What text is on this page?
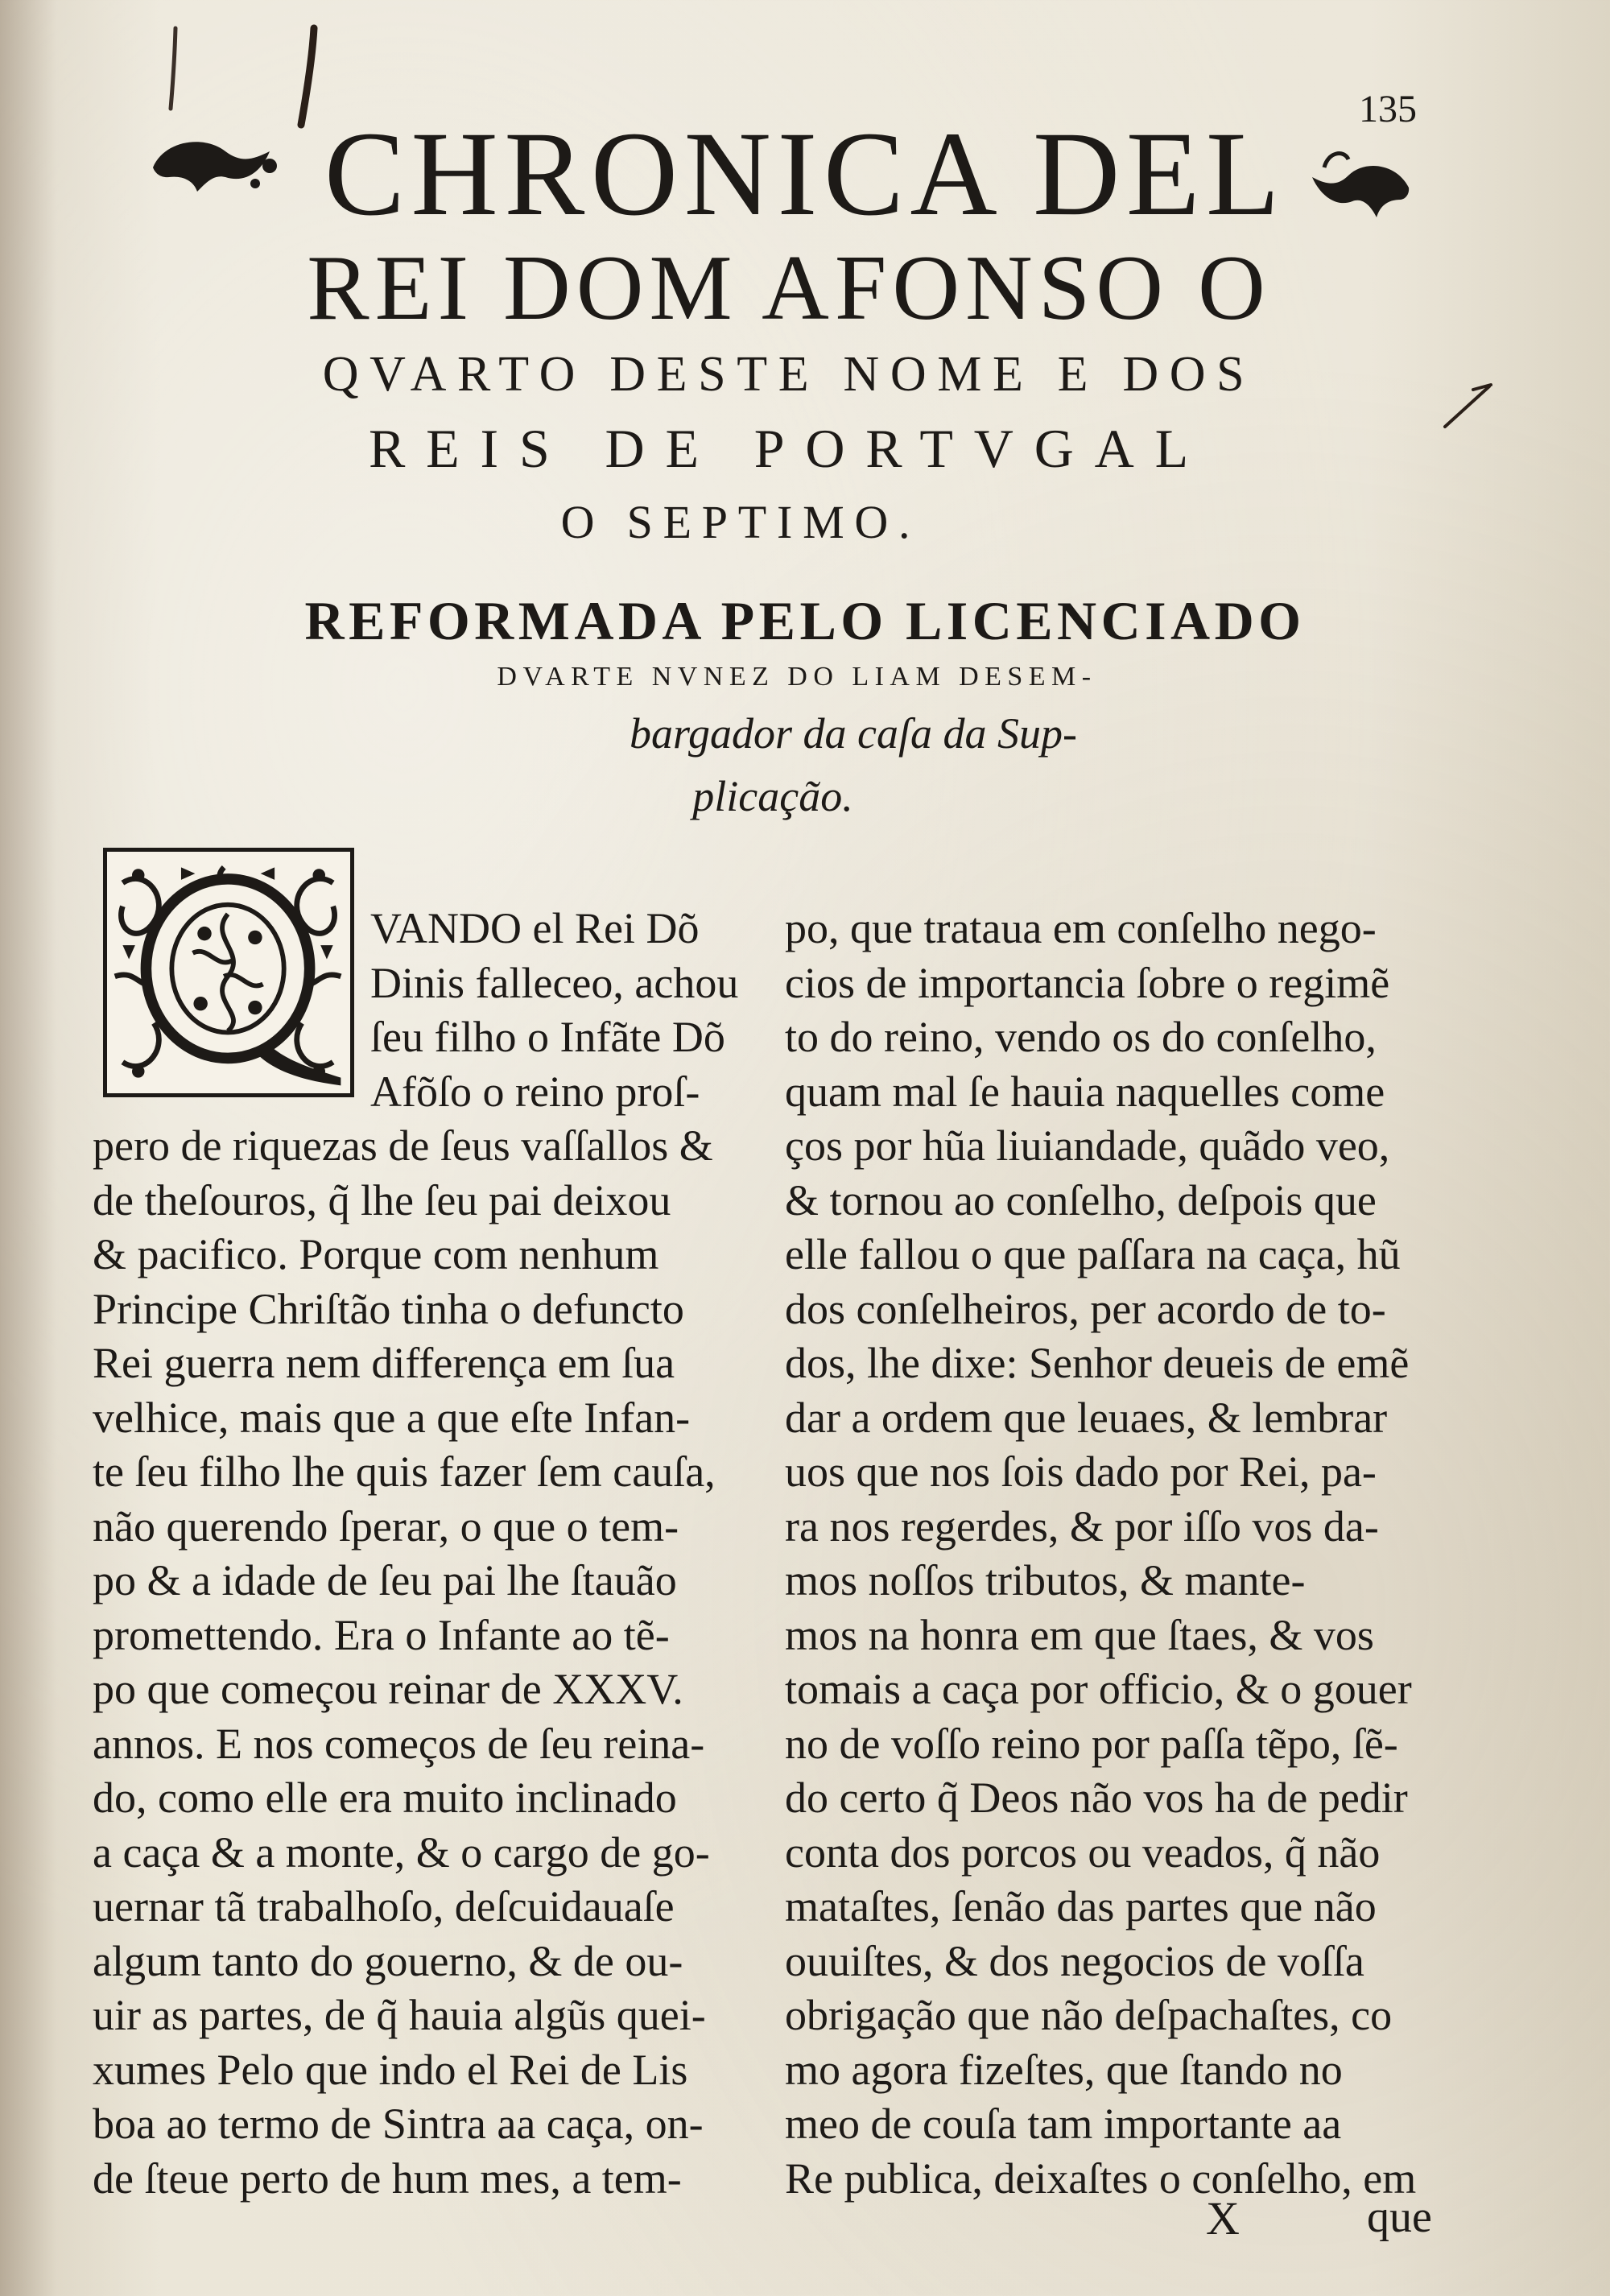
135
CHRONICA DEL
REI DOM AFONSO O
QVARTO DESTE NOME E DOS
REIS DE PORTVGAL
O SEPTIMO.
REFORMADA PELO LICENCIADO
DVARTE NVNEZ DO LIAM DESEM-
bargador da caſa da Sup-
plicação.
VANDO el Rei Dõ
Dinis falleceo, achou
ſeu filho o Infãte Dõ
Afõſo o reino proſ-
pero de riquezas de ſeus vaſſallos &
de theſouros, q̃ lhe ſeu pai deixou
& pacifico. Porque com nenhum
Principe Chriſtão tinha o defuncto
Rei guerra nem differença em ſua
velhice, mais que a que eſte Infan-
te ſeu filho lhe quis fazer ſem cauſa,
não querendo ſperar, o que o tem-
po & a idade de ſeu pai lhe ſtauão
promettendo. Era o Infante ao tẽ-
po que começou reinar de XXXV.
annos. E nos começos de ſeu reina-
do, como elle era muito inclinado
a caça & a monte, & o cargo de go-
uernar tã trabalhoſo, deſcuidauaſe
algum tanto do gouerno, & de ou-
uir as partes, de q̃ hauia algũs quei-
xumes Pelo que indo el Rei de Lis
boa ao termo de Sintra aa caça, on-
de ſteue perto de hum mes, a tem-
po, que trataua em conſelho nego-
cios de importancia ſobre o regimẽ
to do reino, vendo os do conſelho,
quam mal ſe hauia naquelles come
ços por hũa liuiandade, quãdo veo,
& tornou ao conſelho, deſpois que
elle fallou o que paſſara na caça, hũ
dos conſelheiros, per acordo de to-
dos, lhe dixe: Senhor deueis de emẽ
dar a ordem que leuaes, & lembrar
uos que nos ſois dado por Rei, pa-
ra nos regerdes, & por iſſo vos da-
mos noſſos tributos, & mante-
mos na honra em que ſtaes, & vos
tomais a caça por officio, & o gouer
no de voſſo reino por paſſa tẽpo, ſẽ-
do certo q̃ Deos não vos ha de pedir
conta dos porcos ou veados, q̃ não
mataſtes, ſenão das partes que não
ouuiſtes, & dos negocios de voſſa
obrigação que não deſpachaſtes, co
mo agora fizeſtes, que ſtando no
meo de couſa tam importante aa
Re publica, deixaſtes o conſelho, em
X	que
